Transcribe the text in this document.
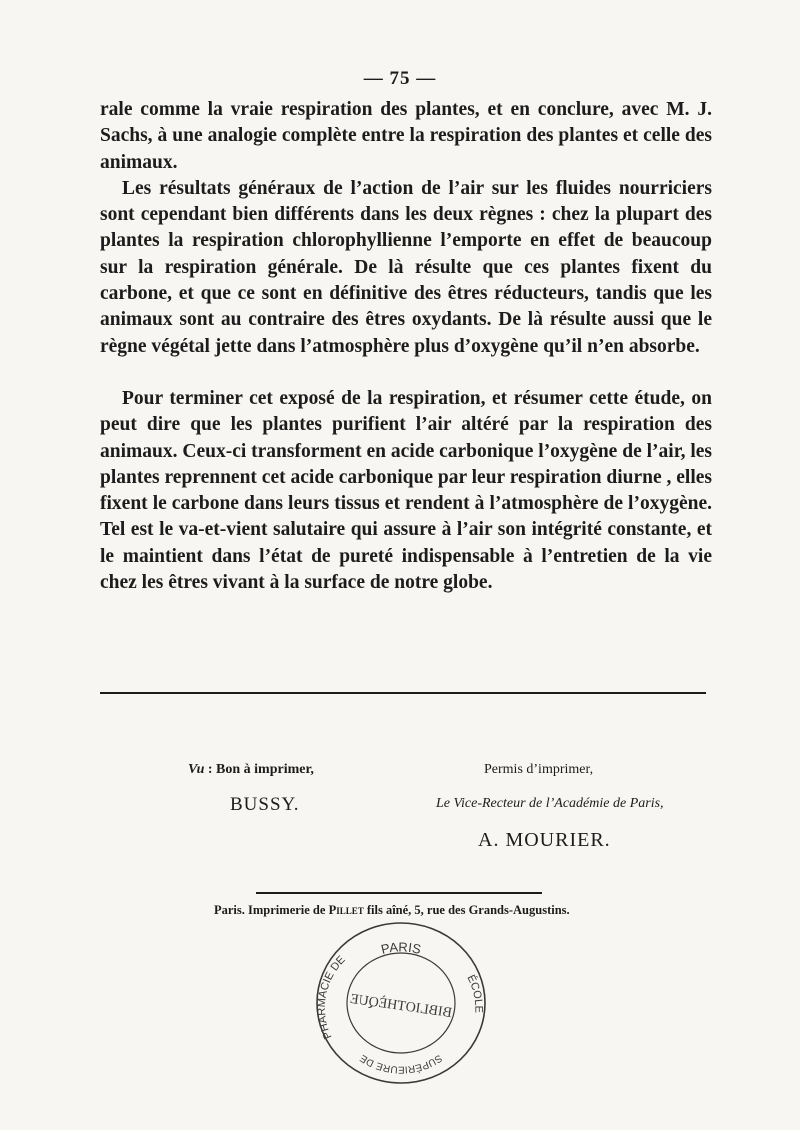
— 75 —

rale comme la vraie respiration des plantes, et en conclure, avec M. J. Sachs, à une analogie complète entre la respiration des plantes et celle des animaux.

Les résultats généraux de l’action de l’air sur les fluides nourriciers sont cependant bien différents dans les deux règnes : chez la plupart des plantes la respiration chlorophyllienne l’emporte en effet de beaucoup sur la respiration générale. De là résulte que ces plantes fixent du carbone, et que ce sont en définitive des êtres réducteurs, tandis que les animaux sont au contraire des êtres oxydants. De là résulte aussi que le règne végétal jette dans l’atmosphère plus d’oxygène qu’il n’en absorbe.

Pour terminer cet exposé de la respiration, et résumer cette étude, on peut dire que les plantes purifient l’air altéré par la respiration des animaux. Ceux-ci transforment en acide carbonique l’oxygène de l’air, les plantes reprennent cet acide carbonique par leur respiration diurne , elles fixent le carbone dans leurs tissus et rendent à l’atmosphère de l’oxygène. Tel est le va-et-vient salutaire qui assure à l’air son intégrité constante, et le maintient dans l’état de pureté indispensable à l’entretien de la vie chez les êtres vivant à la surface de notre globe.

Vu : Bon à imprimer,	Permis d’imprimer,
BUSSY.	Le Vice-Recteur de l’Académie de Paris,
A. MOURIER.
Paris. Imprimerie de Pillet fils aîné, 5, rue des Grands-Augustins.
PARIS
PHARMACIE DE
ÉCOLE
SUPÉRIEURE DE
BIBLIOTHÈQUE
